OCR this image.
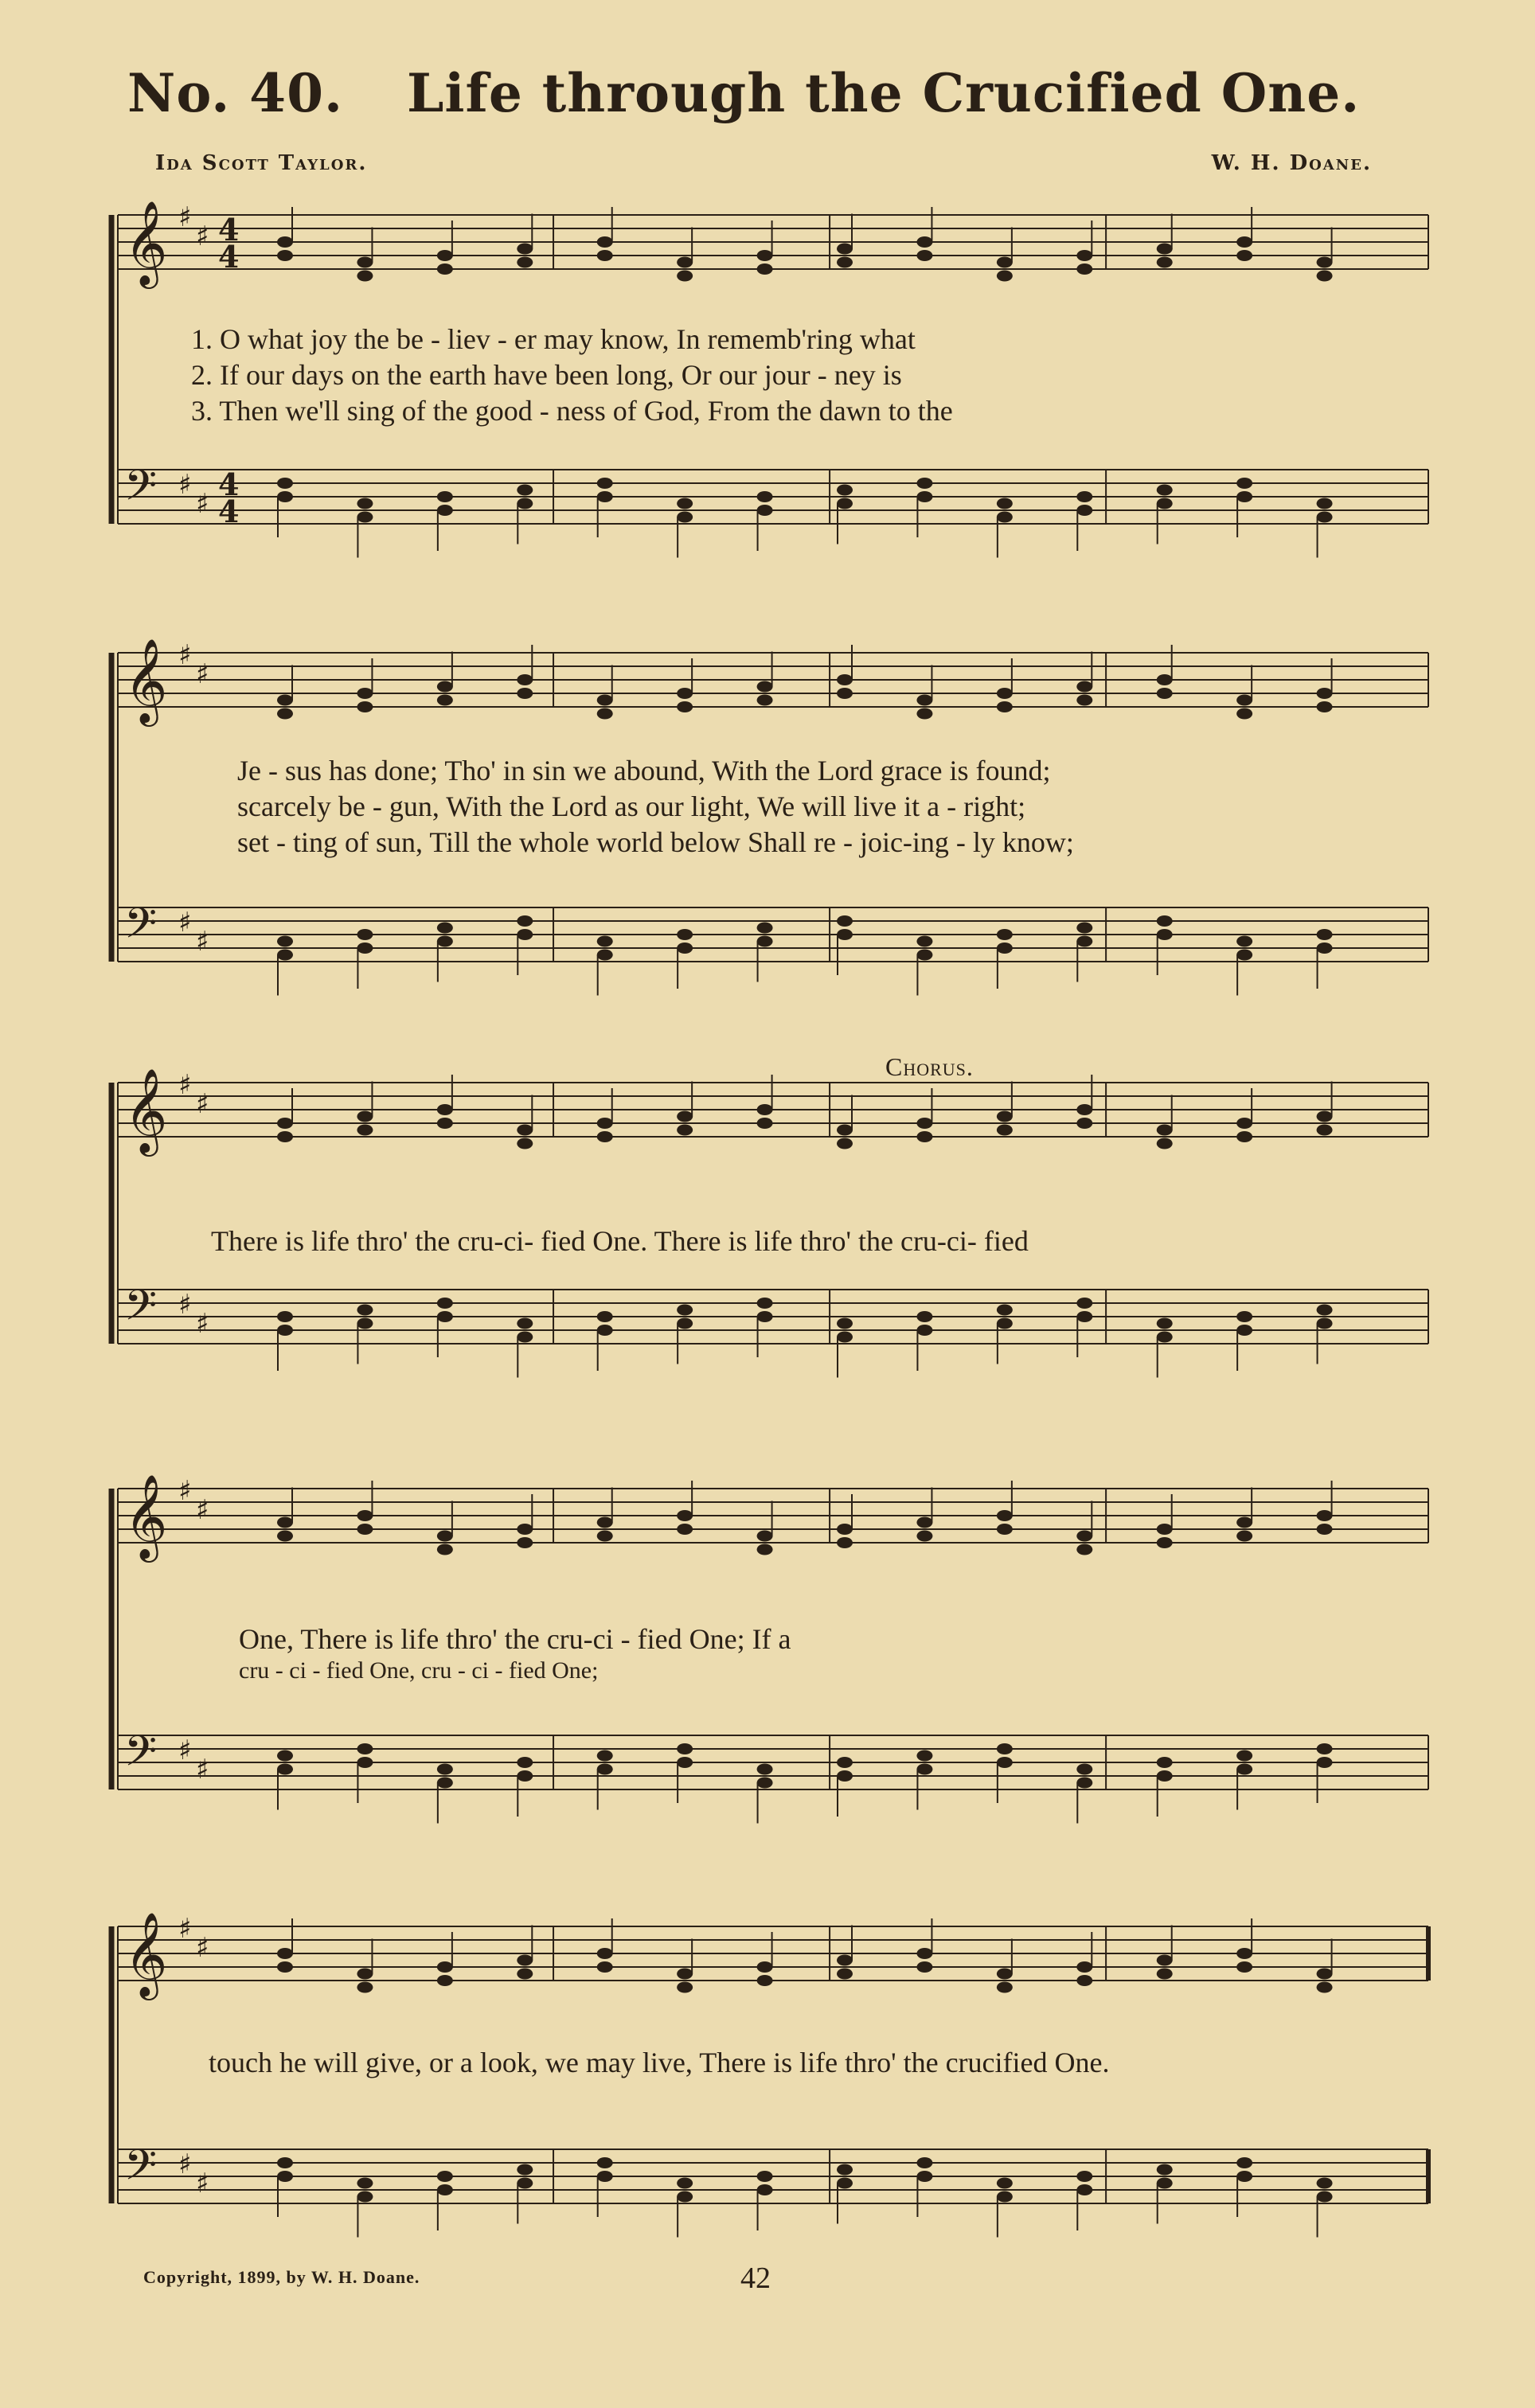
No. 40. Life through the Crucified One.
Ida Scott Taylor.	W. H. Doane.
𝄞 ♯
♯ 4
4
𝄢 ♯
♯
4
4
1. O what joy the be - liev - er may know, In rememb'ring what
2. If our days on the earth have been long, Or our jour - ney is
3. Then we'll sing of the good - ness of God, From the dawn to the
𝄞 ♯
♯
𝄢 ♯
♯
Je - sus has done; Tho' in sin we abound, With the Lord grace is found;
scarcely be - gun, With the Lord as our light, We will live it a - right;
set - ting of sun, Till the whole world below Shall re - joic-ing - ly know;
Chorus.
𝄞 ♯
♯
𝄢 ♯
♯
There is life thro' the cru-ci- fied One. There is life thro' the cru-ci- fied
𝄞 ♯
♯
𝄢 ♯
♯
One, There is life thro' the cru-ci - fied One; If a
cru - ci - fied One, cru - ci - fied One;
𝄞 ♯
♯
𝄢 ♯
♯
touch he will give, or a look, we may live, There is life thro' the crucified One.
Copyright, 1899, by W. H. Doane.	42
